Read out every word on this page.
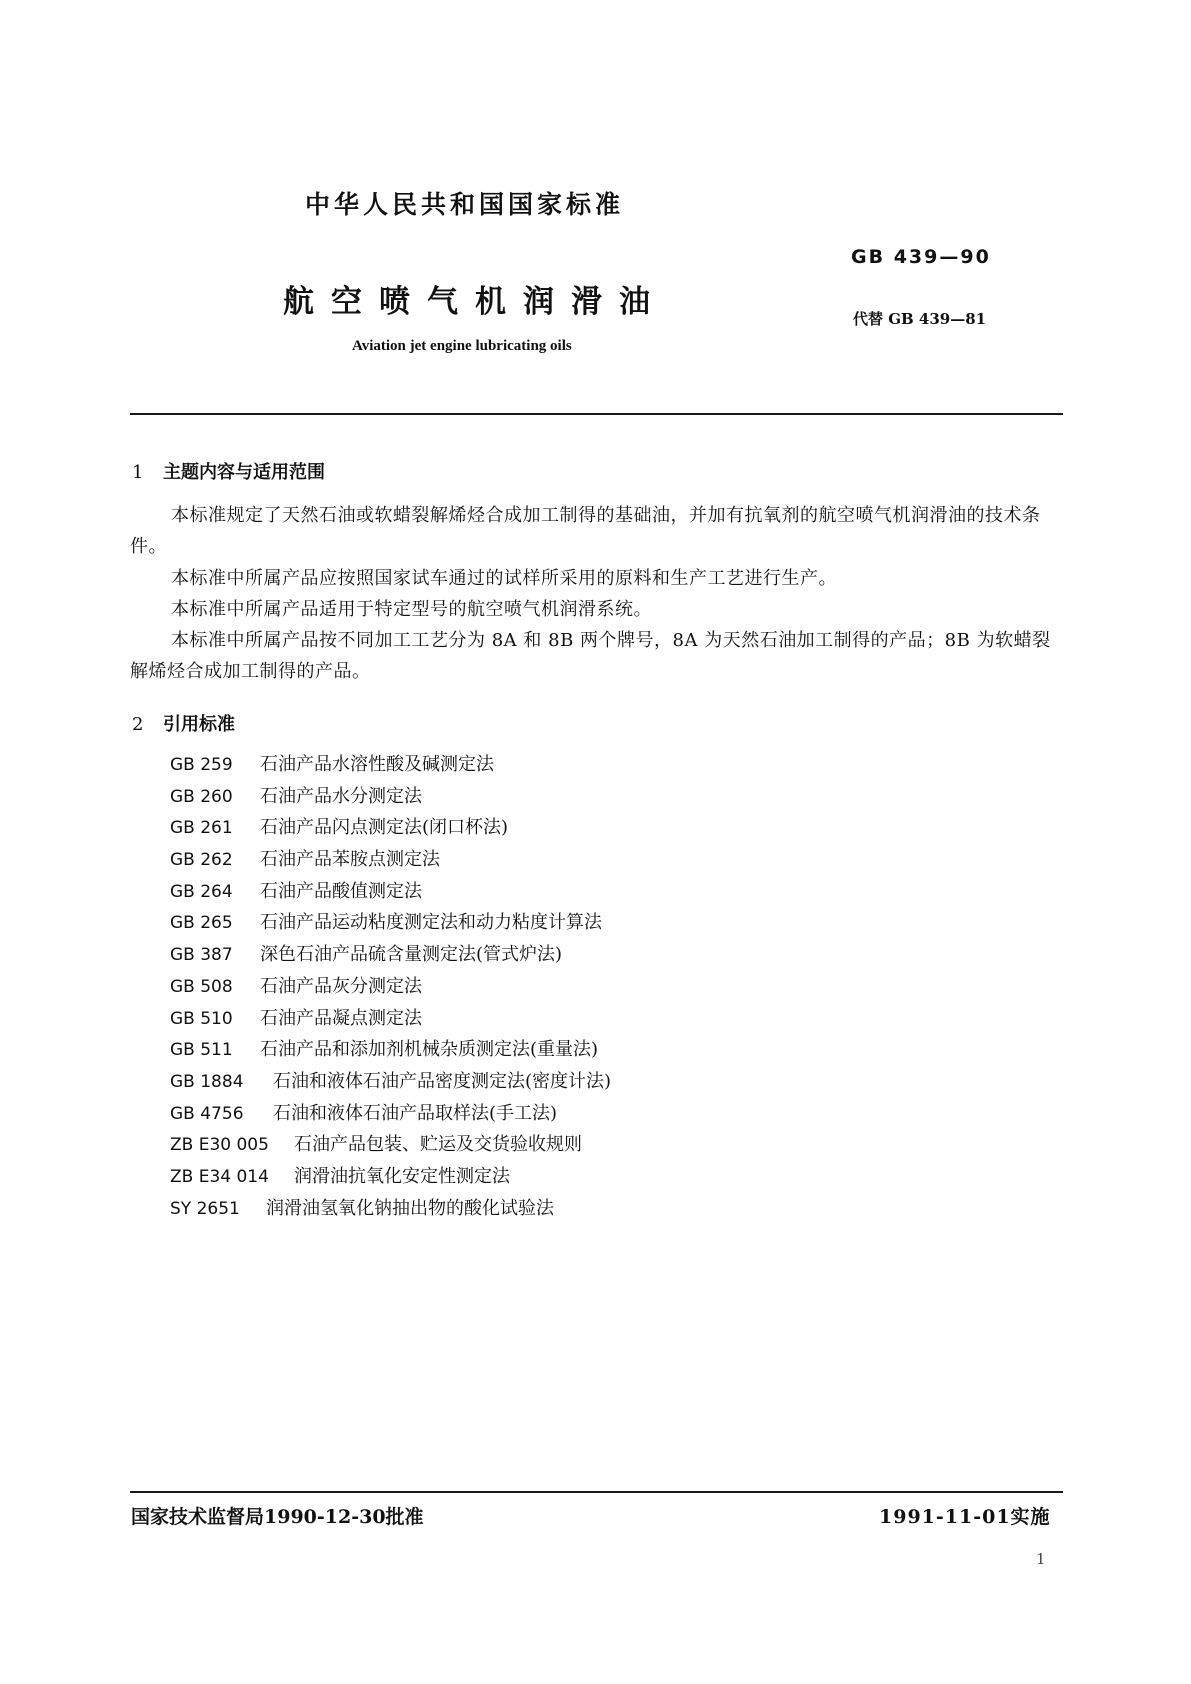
中华人民共和国国家标准
GB 439—90
航空喷气机润滑油	代替 GB 439—81
Aviation jet engine lubricating oils
1 主题内容与适用范围
本标准规定了天然石油或软蜡裂解烯烃合成加工制得的基础油，并加有抗氧剂的航空喷气机润滑油的技术条件。
本标准中所属产品应按照国家试车通过的试样所采用的原料和生产工艺进行生产。
本标准中所属产品适用于特定型号的航空喷气机润滑系统。
本标准中所属产品按不同加工工艺分为 8A 和 8B 两个牌号，8A 为天然石油加工制得的产品；8B 为软蜡裂解烯烃合成加工制得的产品。
2 引用标准
GB 259 石油产品水溶性酸及碱测定法
GB 260 石油产品水分测定法
GB 261 石油产品闪点测定法(闭口杯法)
GB 262 石油产品苯胺点测定法
GB 264 石油产品酸值测定法
GB 265 石油产品运动粘度测定法和动力粘度计算法
GB 387 深色石油产品硫含量测定法(管式炉法)
GB 508 石油产品灰分测定法
GB 510 石油产品凝点测定法
GB 511 石油产品和添加剂机械杂质测定法(重量法)
GB 1884 石油和液体石油产品密度测定法(密度计法)
GB 4756 石油和液体石油产品取样法(手工法)
ZB E30 005 石油产品包装、贮运及交货验收规则
ZB E34 014 润滑油抗氧化安定性测定法
SY 2651 润滑油氢氧化钠抽出物的酸化试验法
国家技术监督局1990-12-30批准	1991-11-01实施
1
